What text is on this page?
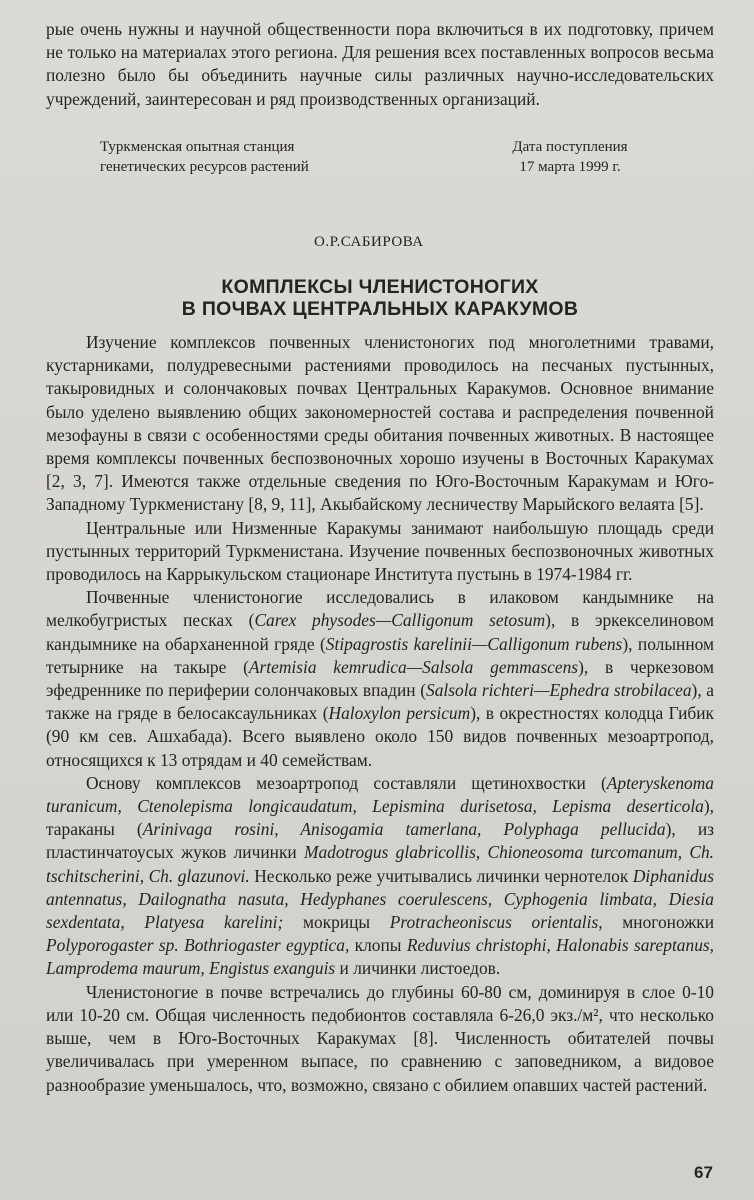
рые очень нужны и научной общественности пора включиться в их подготовку, причем не только на материалах этого региона. Для решения всех поставленных вопросов весьма полезно было бы объединить научные силы различных научно-исследовательских учреждений, заинтересован и ряд производственных организаций.

Туркменская опытная станция
генетических ресурсов растений
Дата поступления
17 марта 1999 г.
О.Р.САБИРОВА
КОМПЛЕКСЫ ЧЛЕНИСТОНОГИХ
В ПОЧВАХ ЦЕНТРАЛЬНЫХ КАРАКУМОВ

Изучение комплексов почвенных членистоногих под многолетними травами, кустарниками, полудревесными растениями проводилось на песчаных пустынных, такыровидных и солончаковых почвах Центральных Каракумов. Основное внимание было уделено выявлению общих закономерностей состава и распределения почвенной мезофауны в связи с особенностями среды обитания почвенных животных. В настоящее время комплексы почвенных беспозвоночных хорошо изучены в Восточных Каракумах [2, 3, 7]. Имеются также отдельные сведения по Юго-Восточным Каракумам и Юго-Западному Туркменистану [8, 9, 11], Акыбайскому лесничеству Марыйского велаята [5].

Центральные или Низменные Каракумы занимают наибольшую площадь среди пустынных территорий Туркменистана. Изучение почвенных беспозвоночных животных проводилось на Каррыкульском стационаре Института пустынь в 1974-1984 гг.

Почвенные членистоногие исследовались в илаковом кандымнике на мелкобугристых песках (Carex physodes—Calligonum setosum), в эркекселиновом кандымнике на обарханенной гряде (Stipagrostis karelinii—Calligonum rubens), полынном тетырнике на такыре (Artemisia kemrudica—Salsola gemmascens), в черкезовом эфедреннике по периферии солончаковых впадин (Salsola richteri—Ephedra strobilacea), а также на гряде в белосаксаульниках (Haloxylon persicum), в окрестностях колодца Гибик (90 км сев. Ашхабада). Всего выявлено около 150 видов почвенных мезоартропод, относящихся к 13 отрядам и 40 семействам.

Основу комплексов мезоартропод составляли щетинохвостки (Apteryskenoma turanicum, Ctenolepisma longicaudatum, Lepismina durisetosa, Lepisma deserticola), тараканы (Arinivaga rosini, Anisogamia tamerlana, Polyphaga pellucida), из пластинчатоусых жуков личинки Madotrogus glabricollis, Chioneosoma turcomanum, Ch. tschitscherini, Ch. glazunovi. Несколько реже учитывались личинки чернотелок Diphanidus antennatus, Dailognatha nasuta, Hedyphanes coerulescens, Cyphogenia limbata, Diesia sexdentata, Platyesa karelini; мокрицы Protracheoniscus orientalis, многоножки Polyporogaster sp. Bothriogaster egyptica, клопы Reduvius christophi, Halonabis sareptanus, Lamprodema maurum, Engistus exanguis и личинки листоедов.

Членистоногие в почве встречались до глубины 60-80 см, доминируя в слое 0-10 или 10-20 см. Общая численность педобионтов составляла 6-26,0 экз./м², что несколько выше, чем в Юго-Восточных Каракумах [8]. Численность обитателей почвы увеличивалась при умеренном выпасе, по сравнению с заповедником, а видовое разнообразие уменьшалось, что, возможно, связано с обилием опавших частей растений.

67
